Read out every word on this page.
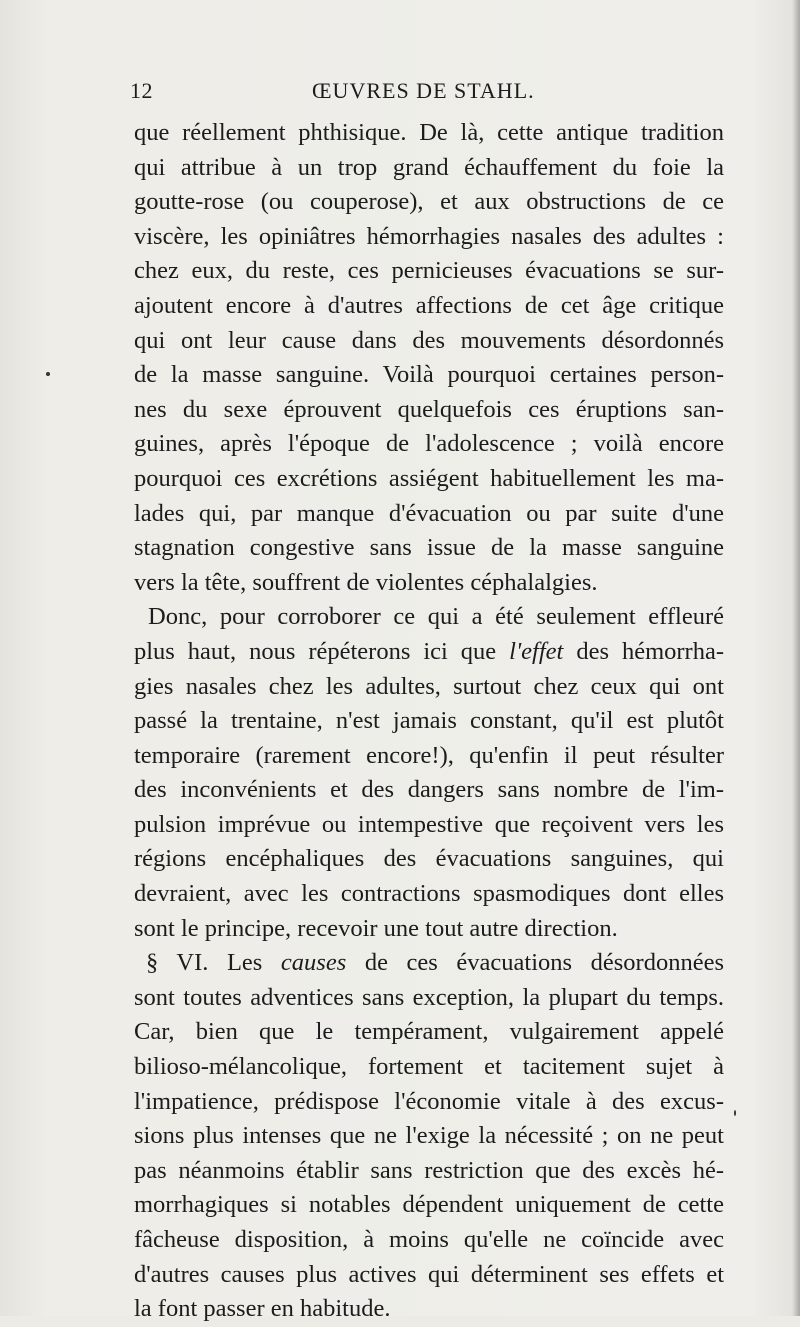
12	ŒUVRES DE STAHL.
que réellement phthisique. De là, cette antique tradition
qui attribue à un trop grand échauffement du foie la
goutte-rose (ou couperose), et aux obstructions de ce
viscère, les opiniâtres hémorrhagies nasales des adultes :
chez eux, du reste, ces pernicieuses évacuations se sur-
ajoutent encore à d'autres affections de cet âge critique
qui ont leur cause dans des mouvements désordonnés
de la masse sanguine. Voilà pourquoi certaines person-
nes du sexe éprouvent quelquefois ces éruptions san-
guines, après l'époque de l'adolescence ; voilà encore
pourquoi ces excrétions assiégent habituellement les ma-
lades qui, par manque d'évacuation ou par suite d'une
stagnation congestive sans issue de la masse sanguine
vers la tête, souffrent de violentes céphalalgies.
Donc, pour corroborer ce qui a été seulement effleuré
plus haut, nous répéterons ici que l'effet des hémorrha-
gies nasales chez les adultes, surtout chez ceux qui ont
passé la trentaine, n'est jamais constant, qu'il est plutôt
temporaire (rarement encore!), qu'enfin il peut résulter
des inconvénients et des dangers sans nombre de l'im-
pulsion imprévue ou intempestive que reçoivent vers les
régions encéphaliques des évacuations sanguines, qui
devraient, avec les contractions spasmodiques dont elles
sont le principe, recevoir une tout autre direction.
§ VI. Les causes de ces évacuations désordonnées
sont toutes adventices sans exception, la plupart du temps.
Car, bien que le tempérament, vulgairement appelé
bilioso-mélancolique, fortement et tacitement sujet à
l'impatience, prédispose l'économie vitale à des excus-
sions plus intenses que ne l'exige la nécessité ; on ne peut
pas néanmoins établir sans restriction que des excès hé-
morrhagiques si notables dépendent uniquement de cette
fâcheuse disposition, à moins qu'elle ne coïncide avec
d'autres causes plus actives qui déterminent ses effets et
la font passer en habitude.
